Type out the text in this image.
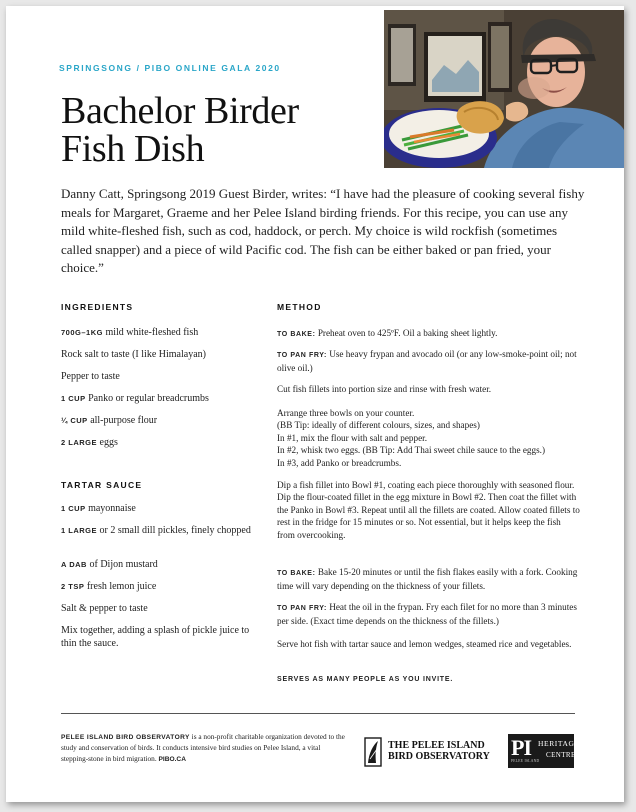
SPRINGSONG / PIBO ONLINE GALA 2020
Bachelor Birder
Fish Dish

Danny Catt, Springsong 2019 Guest Birder, writes: “I have had the pleasure of cooking several fishy meals for Margaret, Graeme and her Pelee Island birding friends. For this recipe, you can use any mild white-fleshed fish, such as cod, haddock, or perch. My choice is wild rockfish (sometimes called snapper) and a piece of wild Pacific cod. The fish can be either baked or pan fried, your choice.”

INGREDIENTS
700G–1KG mild white-fleshed fish
Rock salt to taste (I like Himalayan)
Pepper to taste
1 CUP Panko or regular breadcrumbs
¼ CUP all-purpose flour
2 LARGE eggs
TARTAR SAUCE
1 CUP mayonnaise
1 LARGE or 2 small dill pickles, finely chopped
A DAB of Dijon mustard
2 TSP fresh lemon juice
Salt & pepper to taste
Mix together, adding a splash of pickle juice to thin the sauce.
METHOD
TO BAKE: Preheat oven to 425ºF. Oil a baking sheet lightly.
TO PAN FRY: Use heavy frypan and avocado oil (or any low-smoke-point oil; not olive oil.)
Cut fish fillets into portion size and rinse with fresh water.
Arrange three bowls on your counter.
(BB Tip: ideally of different colours, sizes, and shapes)
In #1, mix the flour with salt and pepper.
In #2, whisk two eggs. (BB Tip: Add Thai sweet chile sauce to the eggs.)
In #3, add Panko or breadcrumbs.
Dip a fish fillet into Bowl #1, coating each piece thoroughly with seasoned flour. Dip the flour-coated fillet in the egg mixture in Bowl #2. Then coat the fillet with the Panko in Bowl #3. Repeat until all the fillets are coated. Allow coated fillets to rest in the fridge for 15 minutes or so. Not essential, but it helps keep the fish from overcooking.
TO BAKE: Bake 15-20 minutes or until the fish flakes easily with a fork. Cooking time will vary depending on the thickness of your fillets.
TO PAN FRY: Heat the oil in the frypan. Fry each filet for no more than 3 minutes per side. (Exact time depends on the thickness of the fillets.)
Serve hot fish with tartar sauce and lemon wedges, steamed rice and vegetables.
SERVES AS MANY PEOPLE AS YOU INVITE.
PELEE ISLAND BIRD OBSERVATORY is a non-profit charitable organization devoted to the study and conservation of birds. It conducts intensive bird studies on Pelee Island, a vital stepping-stone in bird migration. PIBO.CA
THE PELEE ISLAND
BIRD OBSERVATORY PI HERITAGE
CENTRE
PELEE ISLAND
